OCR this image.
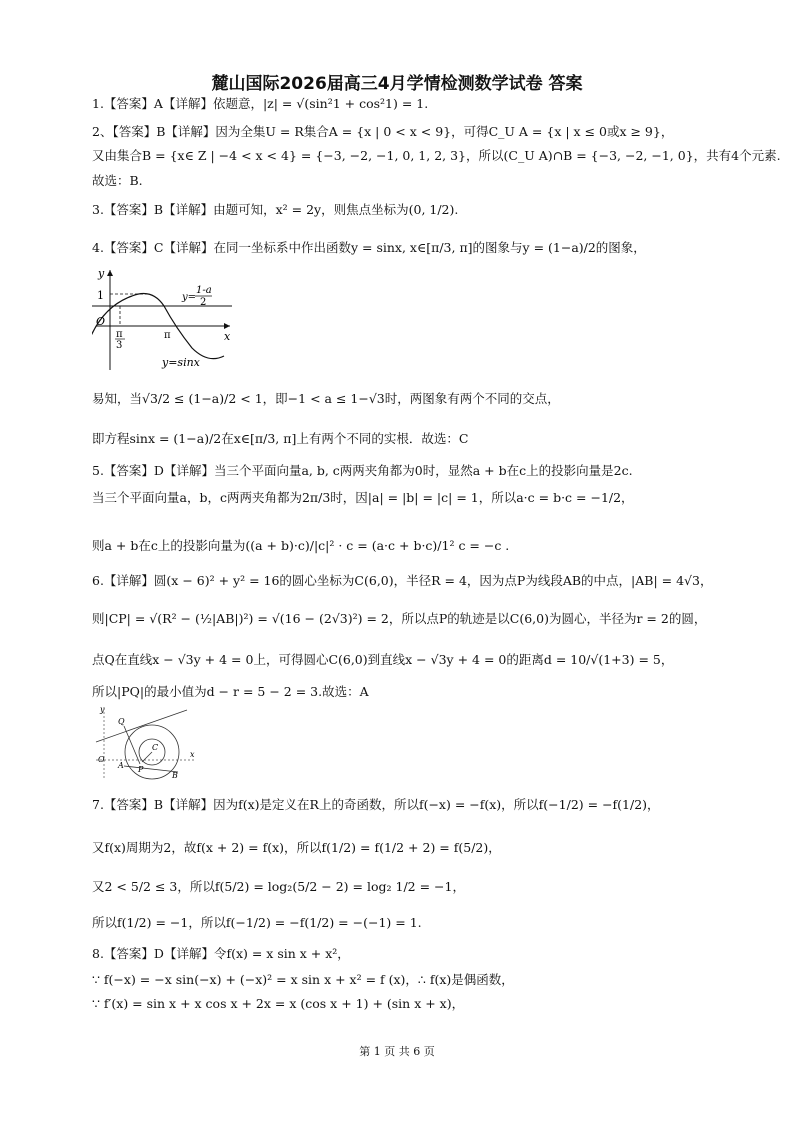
麓山国际2026届高三4月学情检测数学试卷 答案
1.【答案】A【详解】依题意，|z| = √(sin²1 + cos²1) = 1.
2、【答案】B【详解】因为全集U = R集合A = {x | 0 < x < 9}，可得C_U A = {x | x ≤ 0或x ≥ 9}，
又由集合B = {x∈ Z | −4 < x < 4} = {−3, −2, −1, 0, 1, 2, 3}，所以(C_U A)∩B = {−3, −2, −1, 0}，共有4个元素.
故选：B.
3.【答案】B【详解】由题可知，x² = 2y，则焦点坐标为(0, 1/2).
4.【答案】C【详解】在同一坐标系中作出函数y = sinx, x∈[π/3, π]的图象与y = (1−a)/2的图象，
y
x
O
1
π
3
π
y=
1-a
2
y=sinx
易知，当√3/2 ≤ (1−a)/2 < 1，即−1 < a ≤ 1−√3时，两图象有两个不同的交点，
即方程sinx = (1−a)/2在x∈[π/3, π]上有两个不同的实根．故选：C
5.【答案】D【详解】当三个平面向量a, b, c两两夹角都为0时，显然a + b在c上的投影向量是2c.
当三个平面向量a，b，c两两夹角都为2π/3时，因|a| = |b| = |c| = 1，所以a·c = b·c = −1/2，
则a + b在c上的投影向量为((a + b)·c)/|c|² · c = (a·c + b·c)/1² c = −c .
6.【详解】圆(x − 6)² + y² = 16的圆心坐标为C(6,0)，半径R = 4，因为点P为线段AB的中点，|AB| = 4√3，
则|CP| = √(R² − (½|AB|)²) = √(16 − (2√3)²) = 2，所以点P的轨迹是以C(6,0)为圆心，半径为r = 2的圆，
点Q在直线x − √3y + 4 = 0上，可得圆心C(6,0)到直线x − √3y + 4 = 0的距离d = 10/√(1+3) = 5，
所以|PQ|的最小值为d − r = 5 − 2 = 3.故选：A
y
x
O
Q
A P
C
B
7.【答案】B【详解】因为f(x)是定义在R上的奇函数，所以f(−x) = −f(x)，所以f(−1/2) = −f(1/2)，
又f(x)周期为2，故f(x + 2) = f(x)，所以f(1/2) = f(1/2 + 2) = f(5/2)，
又2 < 5/2 ≤ 3，所以f(5/2) = log₂(5/2 − 2) = log₂ 1/2 = −1，
所以f(1/2) = −1，所以f(−1/2) = −f(1/2) = −(−1) = 1.
8.【答案】D【详解】令f(x) = x sin x + x²，
∵ f(−x) = −x sin(−x) + (−x)² = x sin x + x² = f (x)，∴ f(x)是偶函数，
∵ f′(x) = sin x + x cos x + 2x = x (cos x + 1) + (sin x + x)，
第 1 页 共 6 页
